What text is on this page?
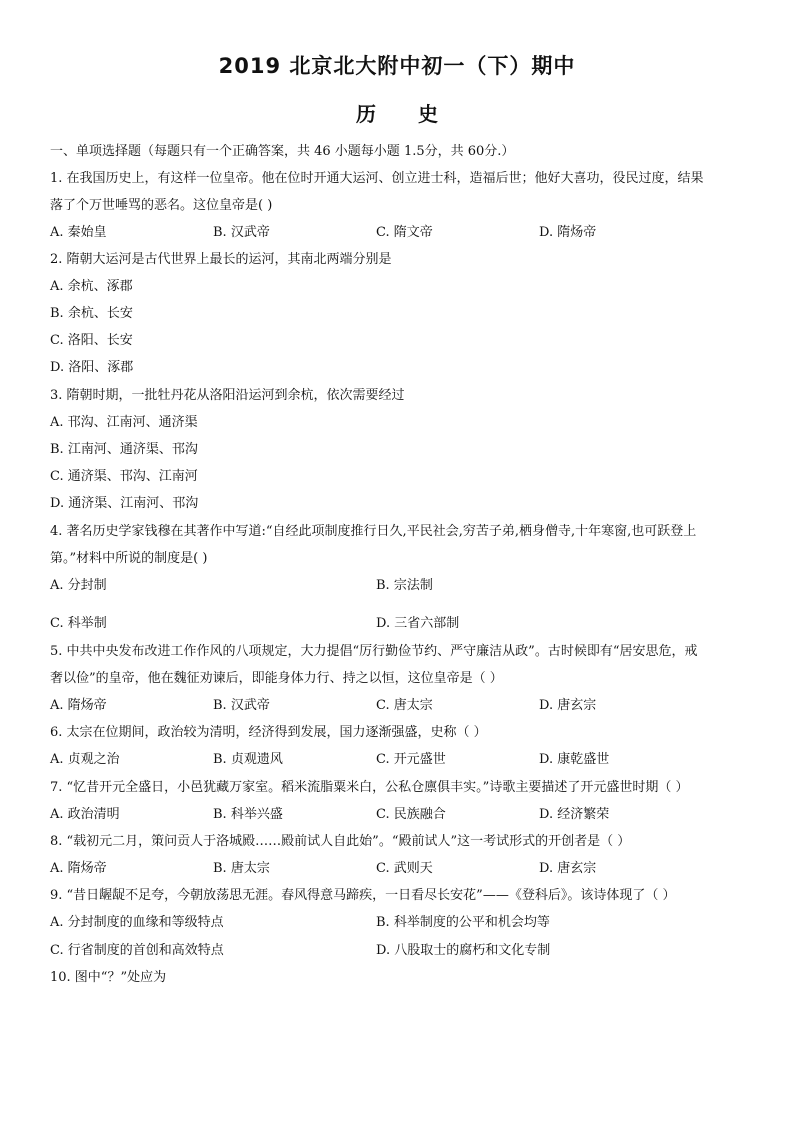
2019 北京北大附中初一（下）期中
历史
一、单项选择题（每题只有一个正确答案，共 46 小题每小题 1.5分，共 60分.）
1. 在我国历史上，有这样一位皇帝。他在位时开通大运河、创立进士科，造福后世；他好大喜功，役民过度，结果
落了个万世唾骂的恶名。这位皇帝是( )
A. 秦始皇	B. 汉武帝	C. 隋文帝	D. 隋炀帝
2. 隋朝大运河是古代世界上最长的运河，其南北两端分别是
A. 余杭、涿郡
B. 余杭、长安
C. 洛阳、长安
D. 洛阳、涿郡
3. 隋朝时期，一批牡丹花从洛阳沿运河到余杭，依次需要经过
A. 邗沟、江南河、通济渠
B. 江南河、通济渠、邗沟
C. 通济渠、邗沟、江南河
D. 通济渠、江南河、邗沟
4. 著名历史学家钱穆在其著作中写道:“自经此项制度推行日久,平民社会,穷苦子弟,栖身僧寺,十年寒窗,也可跃登上
第。”材料中所说的制度是( )
A. 分封制	B. 宗法制
C. 科举制	D. 三省六部制
5. 中共中央发布改进工作作风的八项规定，大力提倡“厉行勤俭节约、严守廉洁从政”。古时候即有“居安思危，戒
奢以俭”的皇帝，他在魏征劝谏后，即能身体力行、持之以恒，这位皇帝是（ ）
A. 隋炀帝	B. 汉武帝	C. 唐太宗	D. 唐玄宗
6. 太宗在位期间，政治较为清明，经济得到发展，国力逐渐强盛，史称（ ）
A. 贞观之治	B. 贞观遗风	C. 开元盛世	D. 康乾盛世
7. “忆昔开元全盛日，小邑犹藏万家室。稻米流脂粟米白，公私仓廪俱丰实。”诗歌主要描述了开元盛世时期（ ）
A. 政治清明	B. 科举兴盛	C. 民族融合	D. 经济繁荣
8. “载初元二月，策问贡人于洛城殿……殿前试人自此始”。“殿前试人”这一考试形式的开创者是（ ）
A. 隋炀帝	B. 唐太宗	C. 武则天	D. 唐玄宗
9. “昔日龌龊不足夸，今朝放荡思无涯。春风得意马蹄疾，一日看尽长安花”——《登科后》。该诗体现了（ ）
A. 分封制度的血缘和等级特点	B. 科举制度的公平和机会均等
C. 行省制度的首创和高效特点	D. 八股取士的腐朽和文化专制
10. 图中“？”处应为
